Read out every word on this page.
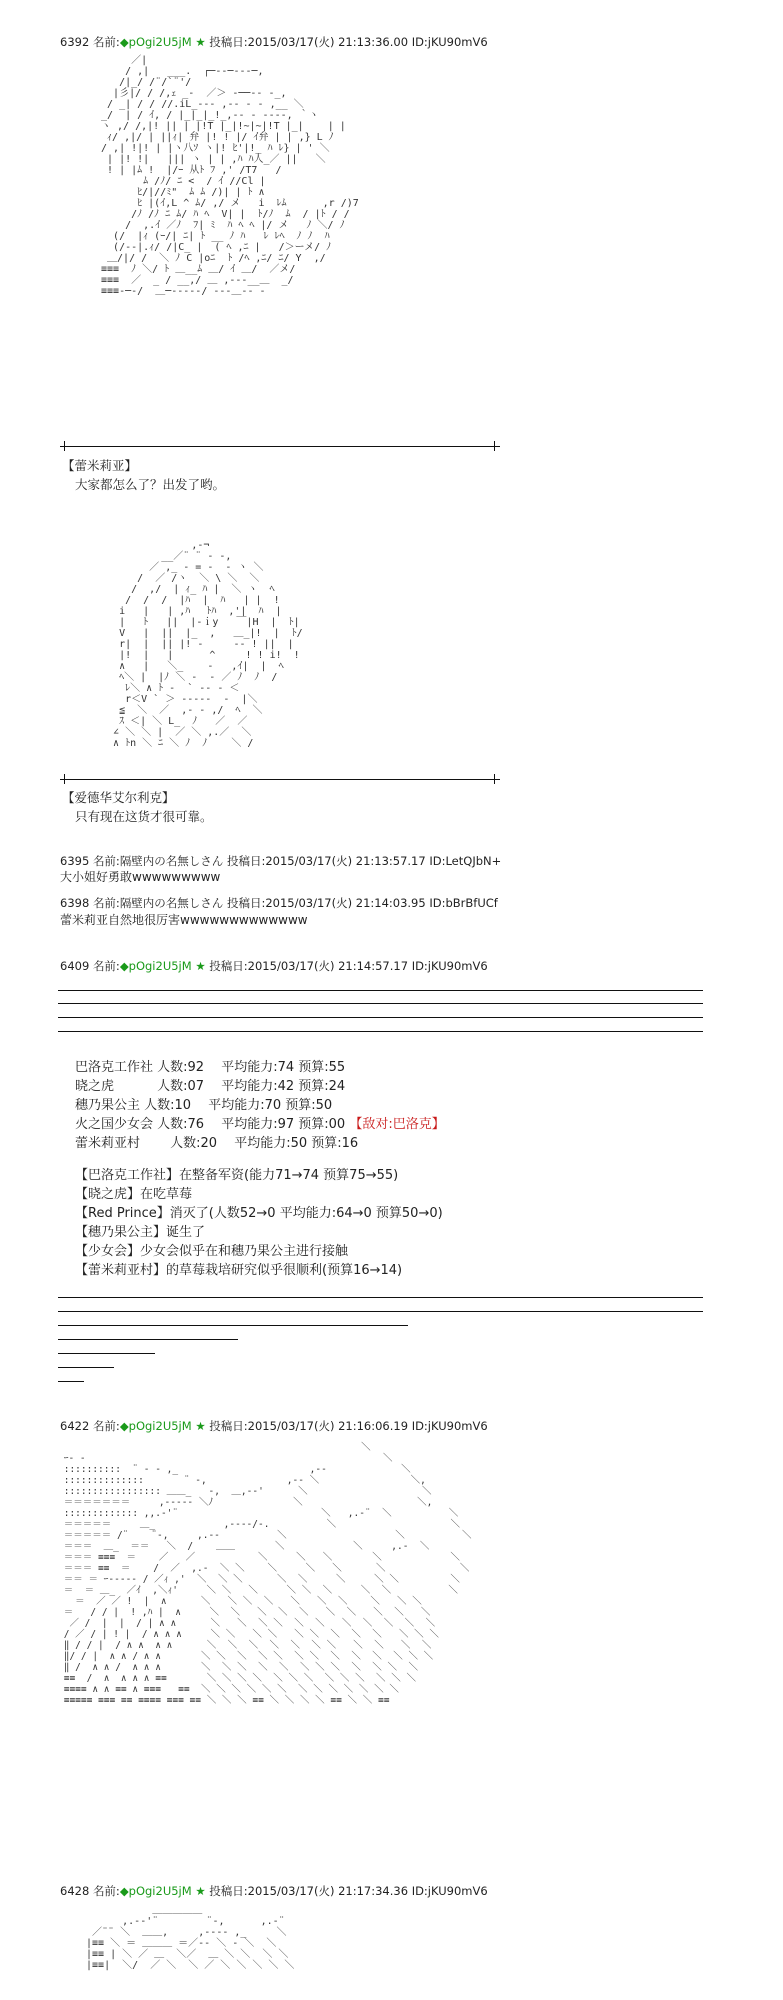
6392 名前:◆pOgi2U5jM ★ 投稿日:2015/03/17(火) 21:13:36.00 ID:jKU90mV6
／|
/ ,|   ___.  ┌─‐-─--‐─,
/|_/ /¨/`¨'/
|彡|/ / /,ｪ _‐  ／＞ ‐──-- ‐_,
/ _| / / //.iL_--‐ ,-‐ ‐ ‐ ,__ ＼
_/  | / ｲ, / |_|_|_!_,-‐ ‐ ‐---, ｀ヽ
ヽ ,/ /,|! || | |!T |_|!~|~|!T |_|    | |
ｨ/ ,|/ | ||ｨ| 弁 |! ! |/ ｲ弁 | | ,} L ﾉ
/ ,| !|! | |ヽ八ｿ ヽ|! ﾋ'|!_ ﾊ ﾚ} | ' ＼
| |! !|   ||| ヽ | | ,ﾊ ﾊ人_／ ||   ＼
! | |ﾑ !  |/ｰ 从ﾄ ﾌ ,' /T7   /
ﾑ /ﾉ/ ﾆ <  / ｲ //Cl |
ﾋ/|//ﾐ"  ﾑ ﾑ /)| | ﾄ ∧
ﾋ |(ｲ,L ^ ﾑ/ ,/ メ   i  ﾚﾑ      ,r /)7
/ﾉ /ﾉ ﾆ ﾑ/ ﾊ ﾍ  V| |  ﾄ/ﾉ  ﾑ  / |ﾄ / /
/  ,.ｲ ／ﾉ  ﾌ| ﾐ  ﾊ ﾍ ﾍ |/ メ   ﾉ ＼/ ﾉ
(/  |ｨ (ｰ/| ﾆ| ﾄ __ ﾉ ﾊ   ﾚ ﾚﾍ  ﾉ ﾉ  ﾊ
(/-‐|.ｨ/ /|C_ |  ( ﾍ ,ﾆ |   /＞ーメ/ ﾉ
＿/|/ /  ＼ ﾉ C |oﾆ  ﾄ /ﾍ ,ﾆ/ ﾆ/ Y  ,/
≡≡≡  ﾉ ＼/ ﾄ ＿__ﾑ ＿/ ｲ ＿/  ／メ/
≡≡≡  ／  _ / __,/ ＿ ,-‐‐__＿  _/
≡≡≡‐─‐/  ＿─‐‐‐‐‐/ ‐‐‐＿‐‐ ‐
【蕾米莉亚】
大家都怎么了？出发了哟。
,‐¬
__／¨ ¨ ‐ ‐,
／ ,_ ‐ = -  ‐ ヽ ＼
/  ／ /ヽ  ＼ \ ＼  ＼
/  ,/  | ｨ_ ﾊ |  ＼ ヽ  ﾍ
/  /  /  |ﾊ  |  ﾊ   | |  !
i   |   | ,ﾊ 　ﾄﾊ  ,'|  ﾊ  |
|   ﾄ   ||  |‐ｉy   ￣|H  |  ﾄ|
V   |  ||  |_  ,   ＿_|!  |  ﾄ/
r|  |  || |! ‐     ‐‐ ! ||  |
|!  |   |      ^     ! ! i!  !
∧   |   ＼_    ‐   ,ｲ|  |  ﾍ
ﾍ＼ |  |ﾉ ＼ ‐  ‐ ／ ﾉ  ﾉ  /
ﾚ＼ ∧ ﾄ ‐  ` ‐‐ ‐ ＜
r＜V ` ＞ ‐‐‐‐‐  ‐  |＼
≦  ＼  ／  ,‐ ‐ ,/  ﾍ  ＼
ｽ ＜| ＼ L_  ﾉ   ／  ／
∠ ＼ ＼ |  ／ ＼ ,.／  ＼
∧ ﾄn ＼ ﾆ ＼ ﾉ  ﾉ    ＼ /
【爱德华艾尔利克】
只有现在这货才很可靠。
6395 名前:隔壁内の名無しさん 投稿日:2015/03/17(火) 21:13:57.17 ID:LetQJbN+
大小姐好勇敢wwwwwwwww
6398 名前:隔壁内の名無しさん 投稿日:2015/03/17(火) 21:14:03.95 ID:bBrBfUCf
蕾米莉亚自然地很厉害wwwwwwwwwwwww
6409 名前:◆pOgi2U5jM ★ 投稿日:2015/03/17(火) 21:14:57.17 ID:jKU90mV6
巴洛克工作社 人数:92　 平均能力:74 预算:55
晓之虎　　　	人数:07　 平均能力:42 预算:24
穗乃果公主 人数:10　 平均能力:70 预算:50
火之国少女会 人数:76　 平均能力:97 预算:00 【敌对:巴洛克】
蕾米莉亚村　　 人数:20　 平均能力:50 预算:16
【巴洛克工作社】在整备军资(能力71→74 预算75→55)
【晓之虎】在吃草莓
【Red Prince】消灭了(人数52→0 平均能力:64→0 预算50→0)
【穗乃果公主】诞生了
【少女会】少女会似乎在和穗乃果公主进行接触
【蕾米莉亚村】的草莓栽培研究似乎很顺利(预算16→14)
6422 名前:◆pOgi2U5jM ★ 投稿日:2015/03/17(火) 21:16:06.19 ID:jKU90mV6
＼
ｰ‐ -                                                    ＼
::::::::::  ¨ ‐ - ,_                       ,-‐             ＼
::::::::::::::       ¨ ‐,              ,-‐ ＼                ＼,
::::::::::::::::: ＿＿_   ‐,  ＿,-‐'      ＼                    ＼
＝＝＝＝＝＝＝     ,-‐‐‐‐ ＼ﾉ              ＼                    ＼,
::::::::::::: ,,.‐'¨                         ＼   ,.-¨  ＼          ＼
＝＝＝＝＝     ＿_            ,-‐‐‐/‐.          ＼                    ＼
＝＝＝＝＝ /¨    ¨‐,     ,.-‐          ＼                   ＼          ＼
＝＝＝  ＿_  ＝＝   ＼  /    ＿＿       ＼            ＼     ,.‐  ＼
＝＝＝ ≡≡≡  ＝    ／   ／           ＼     ＼   ＼       ＼            ＼
＝＝＝ ≡≡  ＝    /  ／  ,.‐  ＼ ＼    ＼     ＼   ＼      ＼             ＼
＝＝ ＝ ｰ‐‐‐‐‐ / ／ｨ ,'  ＼  ＼ ＼      ＼  ＼     ＼     ＼ ＼         ＼
＝  ＝ ＿_  ／ｲ  ,＼ｨ'     ＼ ＼   ＼     ＼ ＼  ＼     ＼  ＼          ＼
＝  ／ ／ !  |  ∧      ＼   ＼ ＼  ＼   ＼   ＼  ＼    ＼   ＼ ＼
＝   / / |  ! ,ﾊ |  ∧     ＼  ＼   ＼  ＼  ＼   ＼  ＼   ＼  ＼   ＼
／ /  |  |  / | ∧ ∧      ＼   ＼  ＼ ＼  ＼  ＼   ＼  ＼  ＼  ＼  ＼
/ ／ / | ! |  / ∧ ∧ ∧     ＼ ＼   ＼ ＼   ＼ ＼  ＼  ＼  ＼   ＼ ＼ ＼
‖ / / |  / ∧ ∧  ∧ ∧      ＼  ＼  ＼  ＼  ＼  ＼ ＼   ＼  ＼   ＼  ＼
‖/ / |  ∧ ∧ / ∧ ∧       ＼ ＼  ＼  ＼ ＼  ＼ ＼  ＼  ＼  ＼  ＼ ＼ ＼
‖ /  ∧ ∧ /  ∧ ∧ ∧       ＼  ＼ ＼  ＼  ＼  ＼ ＼ ＼  ＼  ＼ ＼  ＼
≡≡  /  ∧  ∧ ∧ ∧ ≡≡       ＼ ＼ ＼ ＼  ＼ ＼ ＼  ＼ ＼ ＼  ＼ ＼ ＼
≡≡≡≡ ∧ ∧ ≡≡ ∧ ≡≡≡   ≡≡  ＼ ＼ ＼ ＼ ＼ ＼  ＼ ＼ ＼ ＼ ＼ ＼ ＼
≡≡≡≡≡ ≡≡≡ ≡≡ ≡≡≡≡ ≡≡≡ ≡≡ ＼ ＼ ＼ ≡≡ ＼ ＼ ＼ ＼ ≡≡ ＼ ＼ ≡≡
6428 名前:◆pOgi2U5jM ★ 投稿日:2015/03/17(火) 21:17:34.36 ID:jKU90mV6
＿＿＿＿＿
,.-‐'¨        ¨‐,      ,.-¨
／¨¨ ＼  ＿＿,     ,-‐‐‐ ,_     ＼
|≡≡ ＼ ＝ ＿＿＿ ＝／‐‐ ＼ ‐ ＼  ＼
|≡≡ | ＼ ／ ＿  ＼／  ＿ ＼ ＼  ＼ ＼
|≡≡|  ＼/  ／ ＼  ＼ ／ ＼ ＼ ＼ ＼ ＼
